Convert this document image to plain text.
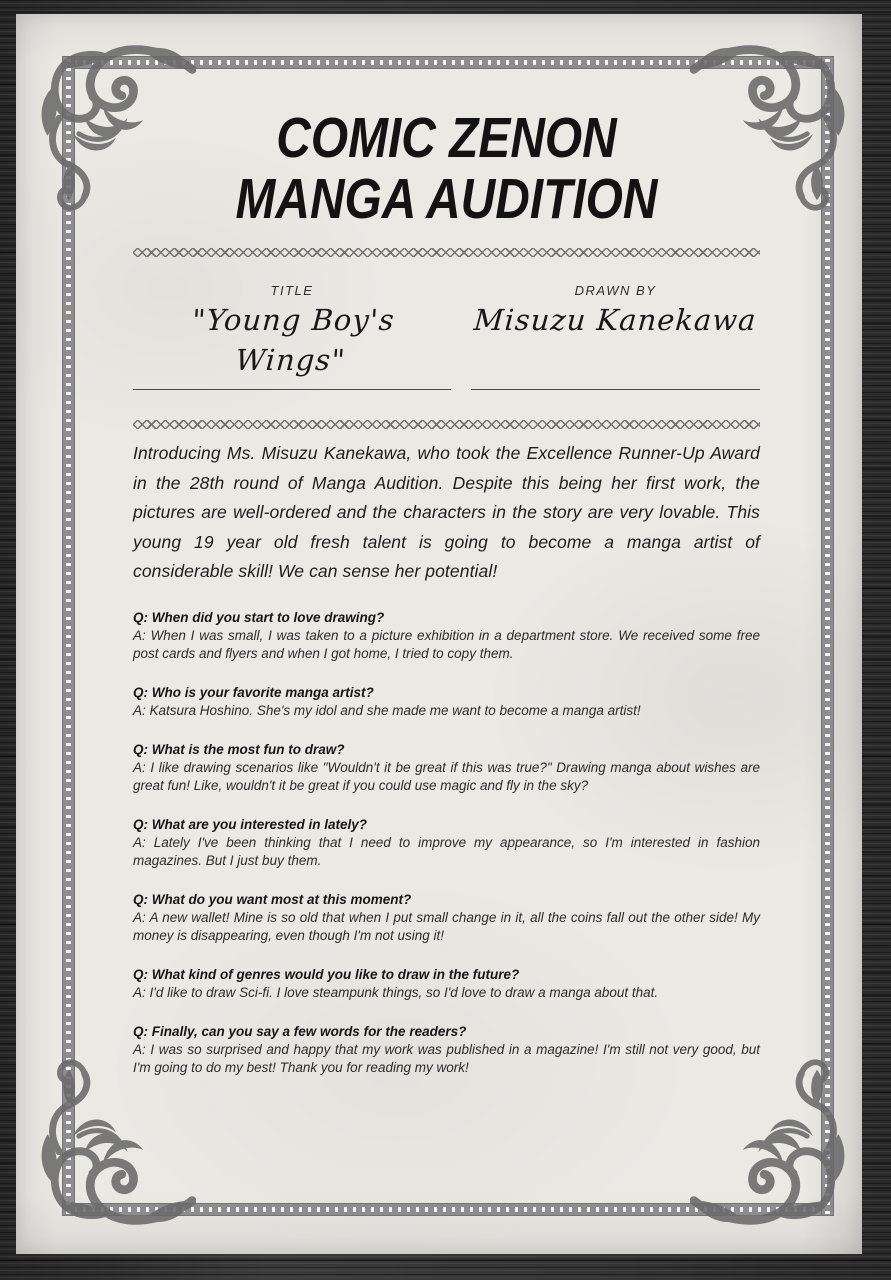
COMIC ZENON
MANGA AUDITION
TITLE	DRAWN BY
"Young Boy's Wings"
Misuzu Kanekawa

Introducing Ms. Misuzu Kanekawa, who took the Excellence Runner-Up Award in the 28th round of Manga Audition. Despite this being her first work, the pictures are well-ordered and the characters in the story are very lovable. This young 19 year old fresh talent is going to become a manga artist of considerable skill! We can sense her potential!

Q: When did you start to love drawing?
A: When I was small, I was taken to a picture exhibition in a department store. We received some free post cards and flyers and when I got home, I tried to copy them.
Q: Who is your favorite manga artist?
A: Katsura Hoshino. She's my idol and she made me want to become a manga artist!
Q: What is the most fun to draw?
A: I like drawing scenarios like "Wouldn't it be great if this was true?" Drawing manga about wishes are great fun! Like, wouldn't it be great if you could use magic and fly in the sky?
Q: What are you interested in lately?
A: Lately I've been thinking that I need to improve my appearance, so I'm interested in fashion magazines. But I just buy them.
Q: What do you want most at this moment?
A: A new wallet! Mine is so old that when I put small change in it, all the coins fall out the other side! My money is disappearing, even though I'm not using it!
Q: What kind of genres would you like to draw in the future?
A: I'd like to draw Sci-fi. I love steampunk things, so I'd love to draw a manga about that.
Q: Finally, can you say a few words for the readers?
A: I was so surprised and happy that my work was published in a magazine! I'm still not very good, but I'm going to do my best! Thank you for reading my work!
